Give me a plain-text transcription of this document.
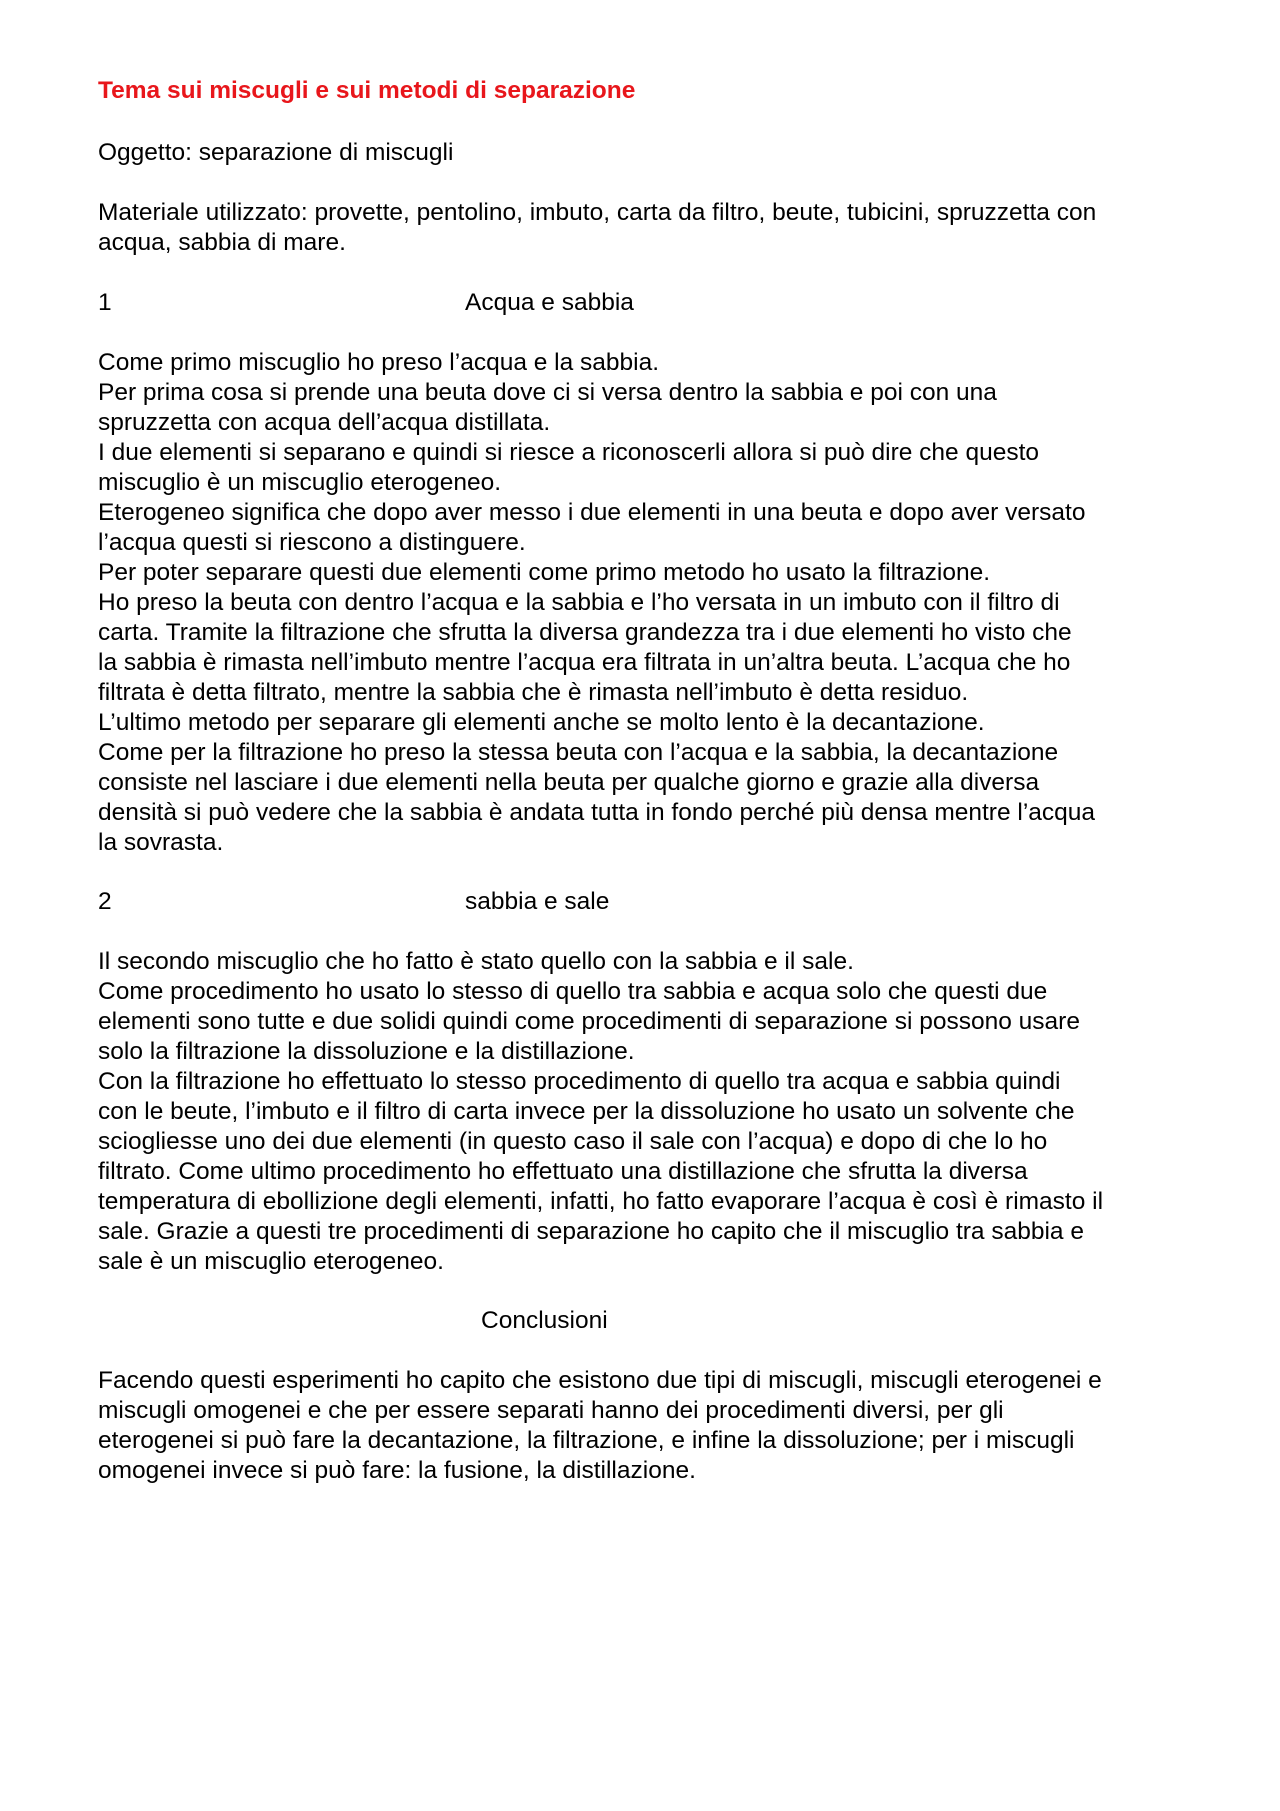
Tema sui miscugli e sui metodi di separazione
Oggetto: separazione di miscugli
Materiale utilizzato: provette, pentolino, imbuto, carta da filtro, beute, tubicini, spruzzetta con
acqua, sabbia di mare.
1	Acqua e sabbia
Come primo miscuglio ho preso l’acqua e la sabbia.
Per prima cosa si prende una beuta dove ci si versa dentro la sabbia e poi con una
spruzzetta con acqua dell’acqua distillata.
I due elementi si separano e quindi si riesce a riconoscerli allora si può dire che questo
miscuglio è un miscuglio eterogeneo.
Eterogeneo significa che dopo aver messo i due elementi in una beuta e dopo aver versato
l’acqua questi si riescono a distinguere.
Per poter separare questi due elementi come primo metodo ho usato la filtrazione.
Ho preso la beuta con dentro l’acqua e la sabbia e l’ho versata in un imbuto con il filtro di
carta. Tramite la filtrazione che sfrutta la diversa grandezza tra i due elementi ho visto che
la sabbia è rimasta nell’imbuto mentre l’acqua era filtrata in un’altra beuta. L’acqua che ho
filtrata è detta filtrato, mentre la sabbia che è rimasta nell’imbuto è detta residuo.
L’ultimo metodo per separare gli elementi anche se molto lento è la decantazione.
Come per la filtrazione ho preso la stessa beuta con l’acqua e la sabbia, la decantazione
consiste nel lasciare i due elementi nella beuta per qualche giorno e grazie alla diversa
densità si può vedere che la sabbia è andata tutta in fondo perché più densa mentre l’acqua
la sovrasta.
2	sabbia e sale
Il secondo miscuglio che ho fatto è stato quello con la sabbia e il sale.
Come procedimento ho usato lo stesso di quello tra sabbia e acqua solo che questi due
elementi sono tutte e due solidi quindi come procedimenti di separazione si possono usare
solo la filtrazione la dissoluzione e la distillazione.
Con la filtrazione ho effettuato lo stesso procedimento di quello tra acqua e sabbia quindi
con le beute, l’imbuto e il filtro di carta invece per la dissoluzione ho usato un solvente che
sciogliesse uno dei due elementi (in questo caso il sale con l’acqua) e dopo di che lo ho
filtrato. Come ultimo procedimento ho effettuato una distillazione che sfrutta la diversa
temperatura di ebollizione degli elementi, infatti, ho fatto evaporare l’acqua è così è rimasto il
sale. Grazie a questi tre procedimenti di separazione ho capito che il miscuglio tra sabbia e
sale è un miscuglio eterogeneo.
Conclusioni
Facendo questi esperimenti ho capito che esistono due tipi di miscugli, miscugli eterogenei e
miscugli omogenei e che per essere separati hanno dei procedimenti diversi, per gli
eterogenei si può fare la decantazione, la filtrazione, e infine la dissoluzione; per i miscugli
omogenei invece si può fare: la fusione, la distillazione.
